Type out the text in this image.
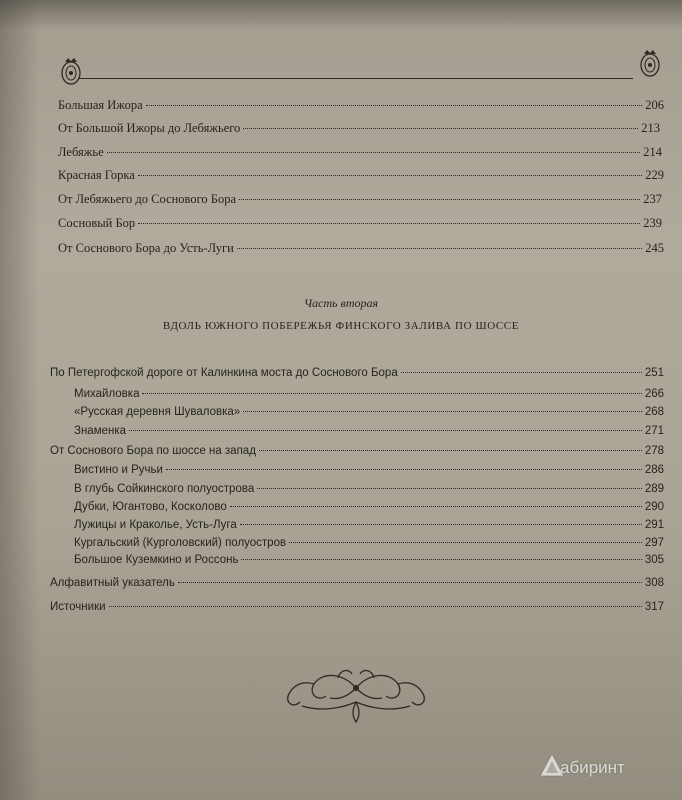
Большая Ижора	206
От Большой Ижоры до Лебяжьего	213
Лебяжье	214
Красная Горка	229
От Лебяжьего до Соснового Бора	237
Сосновый Бор	239
От Соснового Бора до Усть-Луги	245
Часть вторая
ВДОЛЬ ЮЖНОГО ПОБЕРЕЖЬЯ ФИНСКОГО ЗАЛИВА ПО ШОССЕ
По Петергофской дороге от Калинкина моста до Соснового Бора	251
Михайловка	266
«Русская деревня Шуваловка»	268
Знаменка	271
От Соснового Бора по шоссе на запад	278
Вистино и Ручьи	286
В глубь Сойкинского полуострова	289
Дубки, Югантово, Косколово	290
Лужицы и Краколье, Усть-Луга	291
Кургальский (Курголовский) полуостров	297
Большое Куземкино и Россонь	305
Алфавитный указатель	308
Источники	317
абиринт
